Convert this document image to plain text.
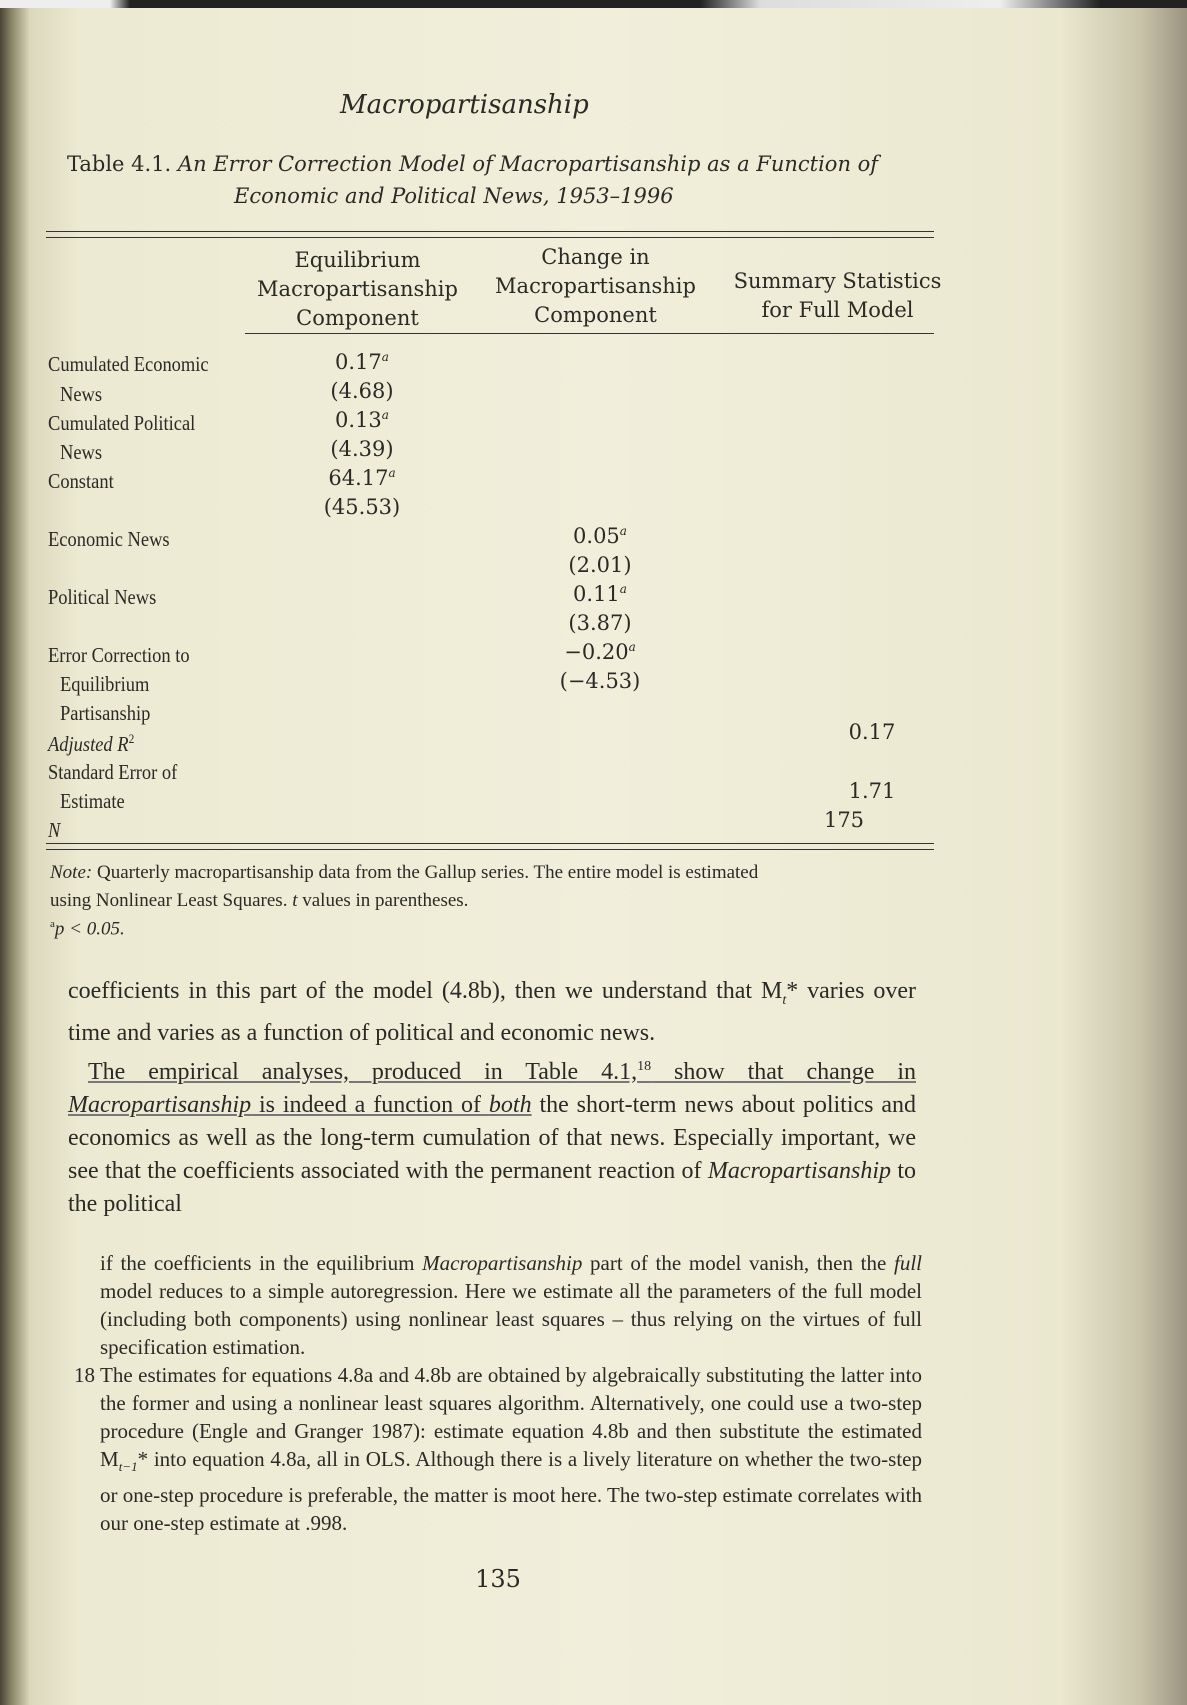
Macropartisanship
Table 4.1. An Error Correction Model of Macropartisanship as a Function of
Economic and Political News, 1953–1996
Equilibrium
Macropartisanship
Component
Change in
Macropartisanship
Component
Summary Statistics
for Full Model
Cumulated Economic
News
Cumulated Political
News
Constant
Economic News
Political News
Error Correction to
Equilibrium
Partisanship
Adjusted $R^2$
Standard Error of
Estimate
N
0.17$^a$
(4.68)
0.13$^a$
(4.39)
64.17$^a$
(45.53)
0.05$^a$
(2.01)
0.11$^a$
(3.87)
−0.20$^a$
(−4.53)
0.17
1.71
175
Note: Quarterly macropartisanship data from the Gallup series. The entire model is estimated
using Nonlinear Least Squares. t values in parentheses.
$^a$p < 0.05.
coefficients in this part of the model (4.8b), then we understand that $M_t*$ varies over time and varies as a function of political and economic news.
The empirical analyses, produced in Table 4.1,18 show that change in Macropartisanship is indeed a function of both the short-term news about politics and economics as well as the long-term cumulation of that news. Especially important, we see that the coefficients associated with the permanent reaction of Macropartisanship to the political
if the coefficients in the equilibrium Macropartisanship part of the model vanish, then the full model reduces to a simple autoregression. Here we estimate all the parameters of the full model (including both components) using nonlinear least squares – thus relying on the virtues of full specification estimation.
18 The estimates for equations 4.8a and 4.8b are obtained by algebraically substituting the latter into the former and using a nonlinear least squares algorithm. Alternatively, one could use a two-step procedure (Engle and Granger 1987): estimate equation 4.8b and then substitute the estimated $M_{t-1}*$ into equation 4.8a, all in OLS. Although there is a lively literature on whether the two-step or one-step procedure is preferable, the matter is moot here. The two-step estimate correlates with our one-step estimate at .998.
135
